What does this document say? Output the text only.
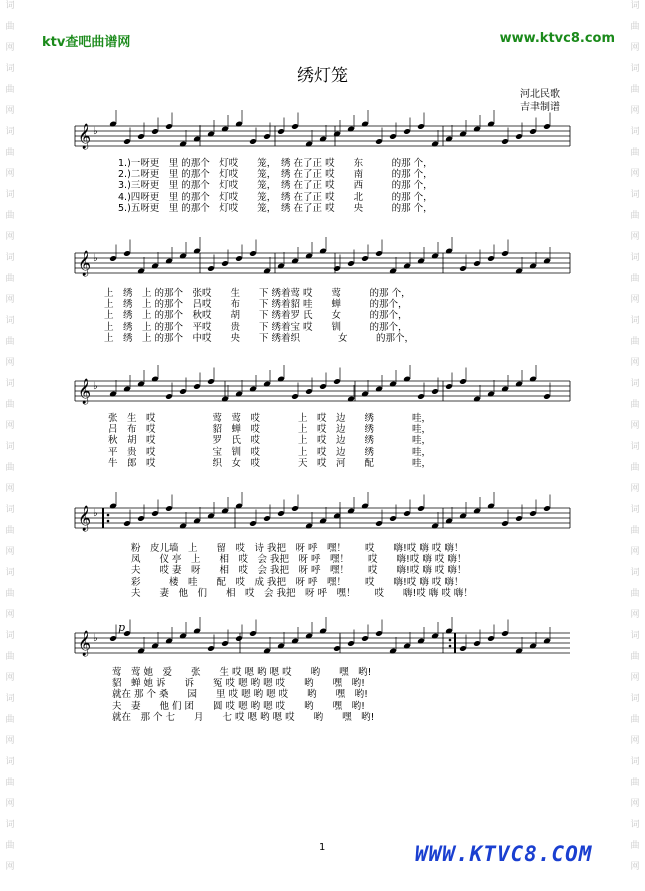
词
曲
网
词
曲
网
词
曲
网
词
曲
网
词
曲
网
词
曲
网
词
曲
网
词
曲
网
词
曲
网
词
曲
网
词
曲
网
词
曲
网
词
曲
网
词
曲
网
词
曲
网
词
曲
网
词
曲
网
词
曲
网
词
曲
网
词
曲
网
词
曲
网
词
曲
网
词
曲
网
词
曲
网
词
曲
网
词
曲
网
词
曲
网
词
曲
网
ktv查吧曲谱网	www.ktvc8.com
绣灯笼
河北民歌
吉聿制谱
𝄞 ♭
𝄞 ♭
𝄞 ♭
𝄞 ♭
𝄞 ♭
p
1.)一呀更　里 的那个　灯哎　　笼，　绣 在了正 哎　　东　　　的那 个，
2.)二呀更　里 的那个　灯哎　　笼，　绣 在了正 哎　　南　　　的那 个，
3.)三呀更　里 的那个　灯哎　　笼，　绣 在了正 哎　　西　　　的那 个，
4.)四呀更　里 的那个　灯哎　　笼，　绣 在了正 哎　　北　　　的那 个，
5.)五呀更　里 的那个　灯哎　　笼，　绣 在了正 哎　　央　　　的那 个，
上　绣　上 的那个　张哎　　生　　下 绣着莺 哎　　莺　　　的那 个，
上　绣　上 的那个　吕哎　　布　　下 绣着貂 哇　　蝉　　　的那个，
上　绣　上 的那个　秋哎　　胡　　下 绣着罗 氏　　女　　　的那个，
上　绣　上 的那个　平哎　　贵　　下 绣着宝 哎　　钏　　　的那个，
上　绣　上 的那个　中哎　　央　　下 绣着织　　　　女　　　的那个，
张　生　哎　　　　　　莺　莺　哎　　　　上　哎　边　　绣　　　　哇，
吕　布　哎　　　　　　貂　蝉　哎　　　　上　哎　边　　绣　　　　哇，
秋　胡　哎　　　　　　罗　氏　哎　　　　上　哎　边　　绣　　　　哇，
平　贵　哎　　　　　　宝　钏　哎　　　　上　哎　边　　绣　　　　哇，
牛　郎　哎　　　　　　织　女　哎　　　　天　哎　河　　配　　　　哇，
粉　皮儿墙　上　　留　哎　诗 我把　呀 呼　嘿！　　哎　　嗨!哎 嗨 哎 嗨！
凤　　仪 亭　上　　相　哎　会 我把　呀 呼　嘿！　　哎　　嗨!哎 嗨 哎 嗨！
夫　　哎 妻　呀　　相　哎　会 我把　呀 呼　嘿！　　哎　　嗨!哎 嗨 哎 嗨！
彩　　　楼　哇　　配　哎　成 我把　呀 呼　嘿！　　哎　　嗨!哎 嗨 哎 嗨！
夫　　妻　他　们　　相　哎　会 我把　呀 呼　嘿！　　哎　　嗨!哎 嗨 哎 嗨！
莺　莺 她　爱　　张　　生 哎 嗯 哟 嗯 哎　　哟　　嘿　哟!
貂　蝉 她 诉　　诉　　冤 哎 嗯 哟 嗯 哎　　哟　　嘿　哟!
就在 那 个 桑　　园　　里 哎 嗯 哟 嗯 哎　　哟　　嘿　哟!
夫　妻　　他 们 团　　圆 哎 嗯 哟 嗯 哎　　哟　　嘿　哟!
就在　那 个 七　　月　　七 哎 嗯 哟 嗯 哎　　哟　　嘿　哟!
1	WWW.KTVC8.COM
